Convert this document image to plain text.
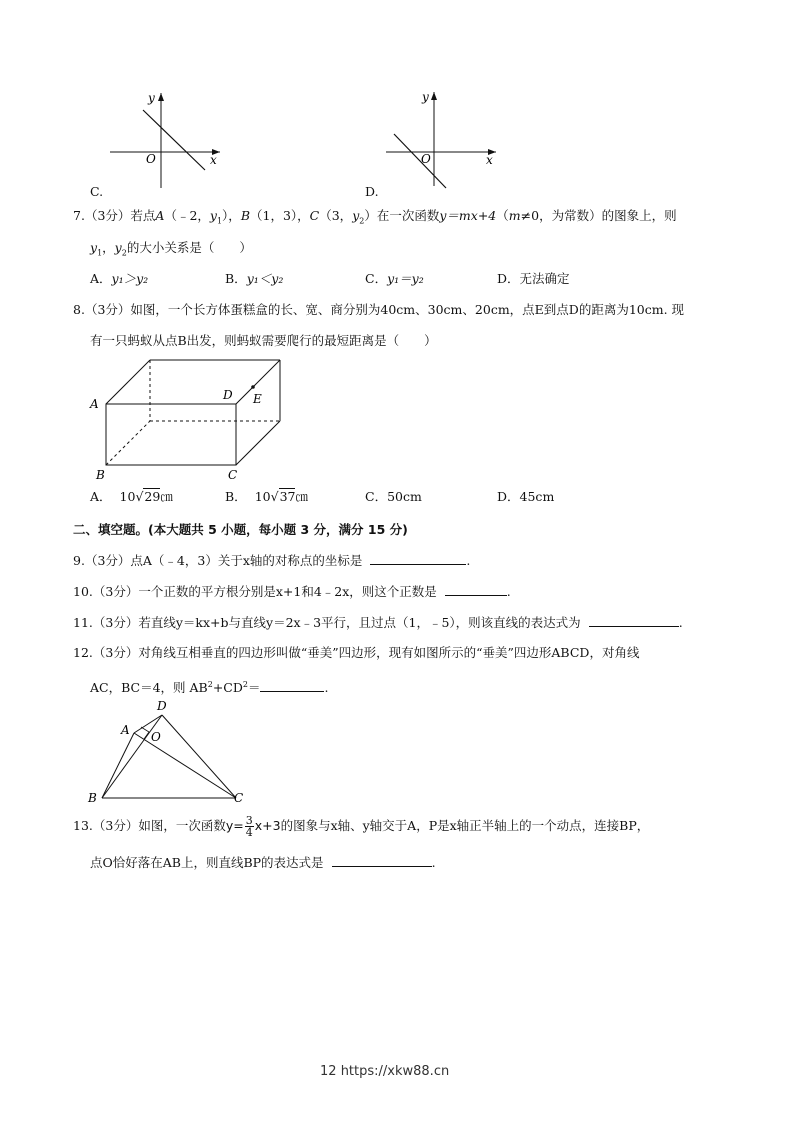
y
O	x
C.
y
O	x
D.
7.（3分）若点A（﹣2，$y_1$），B（1，3），C（3，$y_2$）在一次函数y＝mx+4（m≠0，为常数）的图象上，则
$y_1$，$y_2$的大小关系是（　　）
A．y₁＞y₂	B．y₁＜y₂	C．y₁＝y₂	D．无法确定
8.（3分）如图，一个长方体蛋糕盒的长、宽、商分别为40cm、30cm、20cm，点E到点D的距离为10cm. 现
有一只蚂蚁从点B出发，则蚂蚁需要爬行的最短距离是（　　）
A
B	C
D E
A． 10√29㎝	B． 10√37㎝	C．50cm	D．45cm
二、填空题。(本大题共 5 小题，每小题 3 分，满分 15 分)
9.（3分）点A（﹣4，3）关于x轴的对称点的坐标是	.
10.（3分）一个正数的平方根分别是x+1和4﹣2x，则这个正数是	.
11.（3分）若直线y＝kx+b与直线y＝2x﹣3平行，且过点（1，﹣5），则该直线的表达式为	.
12.（3分）对角线互相垂直的四边形叫做“垂美”四边形，现有如图所示的“垂美”四边形ABCD，对角线
AC，BC＝4，则 $AB^2+CD^2=$	.
A
B	C
D
O
13.（3分）如图，一次函数$y= \frac{3}{4} x+3$的图象与x轴、y轴交于A，P是x轴正半轴上的一个动点，连接BP，
点O恰好落在AB上，则直线BP的表达式是	.
12 https://xkw88.cn
